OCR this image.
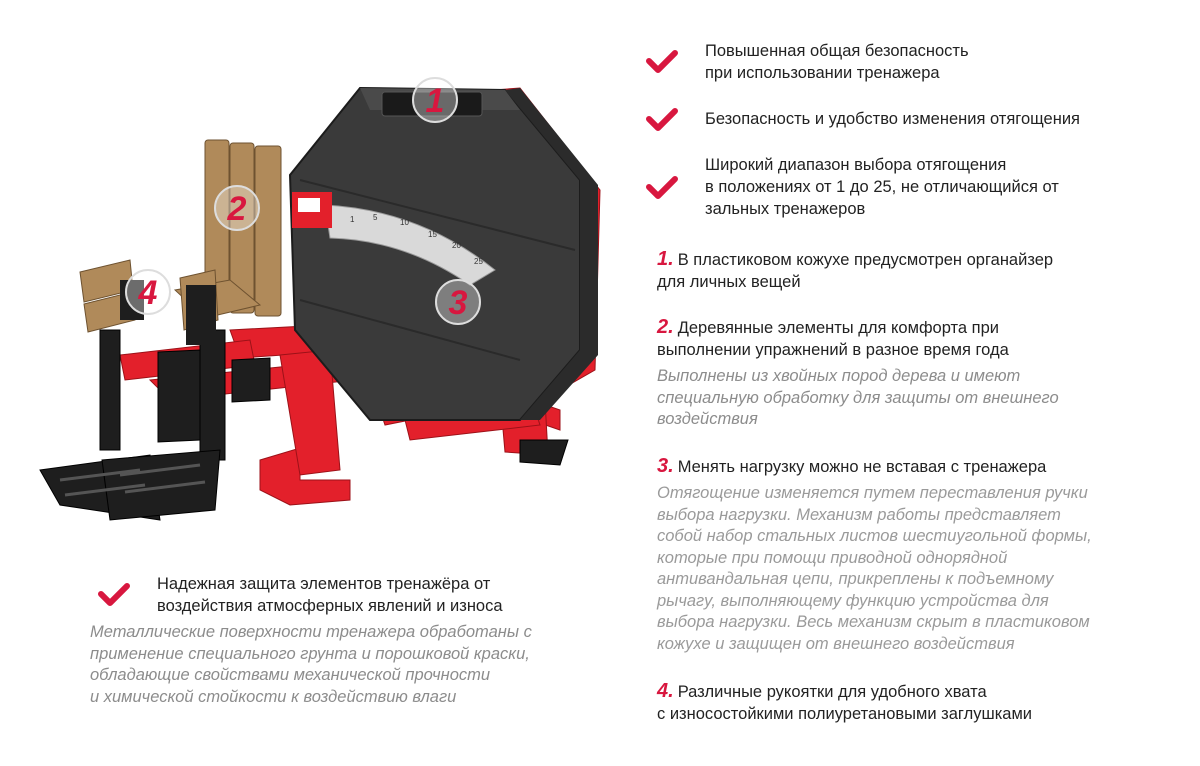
1 5
10
15
20
25
1
2
3
4
Повышенная общая безопасность
при использовании тренажера
Безопасность и удобство изменения отягощения
Широкий диапазон выбора отягощения
в положениях от 1 до 25, не отличающийся от
зальных тренажеров
1. В пластиковом кожухе предусмотрен органайзер
для личных вещей
2. Деревянные элементы для комфорта при
выполнении упражнений в разное время года
Выполнены из хвойных пород дерева и имеют
специальную обработку для защиты от внешнего
воздействия
3. Менять нагрузку можно не вставая с тренажера
Отягощение изменяется путем переставления ручки
выбора нагрузки. Механизм работы представляет
собой набор стальных листов шестиугольной формы,
которые при помощи приводной однорядной
антивандальная цепи, прикреплены к подъемному
рычагу, выполняющему функцию устройства для
выбора нагрузки. Весь механизм скрыт в пластиковом
кожухе и защищен от внешнего воздействия
4. Различные рукоятки для удобного хвата
с износостойкими полиуретановыми заглушками
Надежная защита элементов тренажёра от
воздействия атмосферных явлений и износа
Металлические поверхности тренажера обработаны с
применение специального грунта и порошковой краски,
обладающие свойствами механической прочности
и химической стойкости к воздействию влаги
